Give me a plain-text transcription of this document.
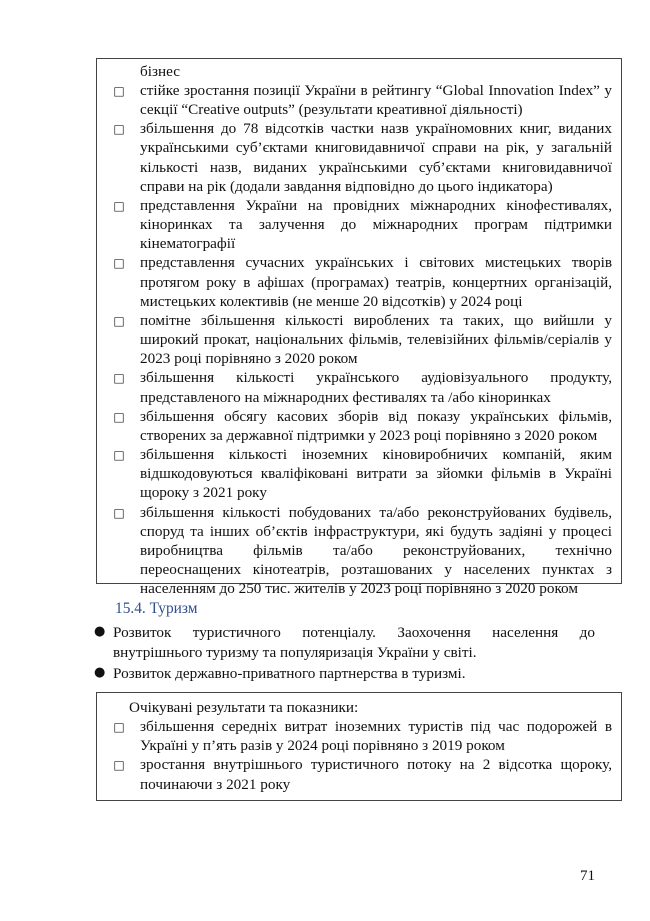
бізнес
15.4. Туризм
Очікувані результати та показники:
71
□ стійке зростання позиції України в рейтингу “Global Innovation Index” у
секції “Creative outputs” (результати креативної діяльності)
□ збільшення до 78 відсотків частки назв україномовних книг, виданих
українськими суб’єктами книговидавничої справи на рік, у загальній
кількості назв, виданих українськими суб’єктами книговидавничої
справи на рік (додали завдання відповідно до цього індикатора)
□ представлення України на провідних міжнародних кінофестивалях,
кіноринках та залучення до міжнародних програм підтримки
кінематографії
□ представлення сучасних українських і світових мистецьких творів
протягом року в афішах (програмах) театрів, концертних організацій,
мистецьких колективів (не менше 20 відсотків) у 2024 році
□ помітне збільшення кількості вироблених та таких, що вийшли у
широкий прокат, національних фільмів, телевізійних фільмів/серіалів у
2023 році порівняно з 2020 роком
□ збільшення кількості українського аудіовізуального продукту,
представленого на міжнародних фестивалях та /або кіноринках
□ збільшення обсягу касових зборів від показу українських фільмів,
створених за державної підтримки у 2023 році порівняно з 2020 роком
□ збільшення кількості іноземних кіновиробничих компаній, яким
відшкодовуються кваліфіковані витрати за зйомки фільмів в Україні
щороку з 2021 року
□ збільшення кількості побудованих та/або реконструйованих будівель,
споруд та інших об’єктів інфраструктури, які будуть задіяні у процесі
виробництва фільмів та/або реконструйованих, технічно
переоснащених кінотеатрів, розташованих у населених пунктах з
населенням до 250 тис. жителів у 2023 році порівняно з 2020 роком
● Розвиток туристичного потенціалу. Заохочення населення до
внутрішнього туризму та популяризація України у світі.
● Розвиток державно-приватного партнерства в туризмі.
□ збільшення середніх витрат іноземних туристів під час подорожей в
Україні у п’ять разів у 2024 році порівняно з 2019 роком
□ зростання внутрішнього туристичного потоку на 2 відсотка щороку,
починаючи з 2021 року
